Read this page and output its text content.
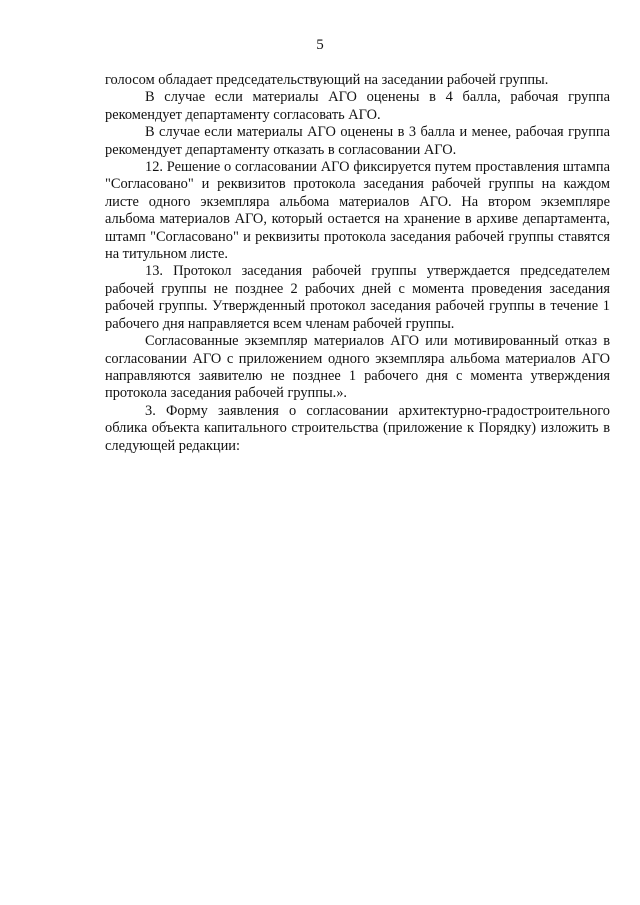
5

голосом обладает председательствующий на заседании рабочей группы.

В случае если материалы АГО оценены в 4 балла, рабочая группа рекомендует департаменту согласовать АГО.

В случае если материалы АГО оценены в 3 балла и менее, рабочая группа рекомендует департаменту отказать в согласовании АГО.

12. Решение о согласовании АГО фиксируется путем проставления штампа "Согласовано" и реквизитов протокола заседания рабочей группы на каждом листе одного экземпляра альбома материалов АГО. На втором экземпляре альбома материалов АГО, который остается на хранение в архиве департамента, штамп "Согласовано" и реквизиты протокола заседания рабочей группы ставятся на титульном листе.

13. Протокол заседания рабочей группы утверждается председателем рабочей группы не позднее 2 рабочих дней с момента проведения заседания рабочей группы. Утвержденный протокол заседания рабочей группы в течение 1 рабочего дня направляется всем членам рабочей группы.

Согласованные экземпляр материалов АГО или мотивированный отказ в согласовании АГО с приложением одного экземпляра альбома материалов АГО направляются заявителю не позднее 1 рабочего дня с момента утверждения протокола заседания рабочей группы.».

3. Форму заявления о согласовании архитектурно-градостроительного облика объекта капитального строительства (приложение к Порядку) изложить в следующей редакции:
